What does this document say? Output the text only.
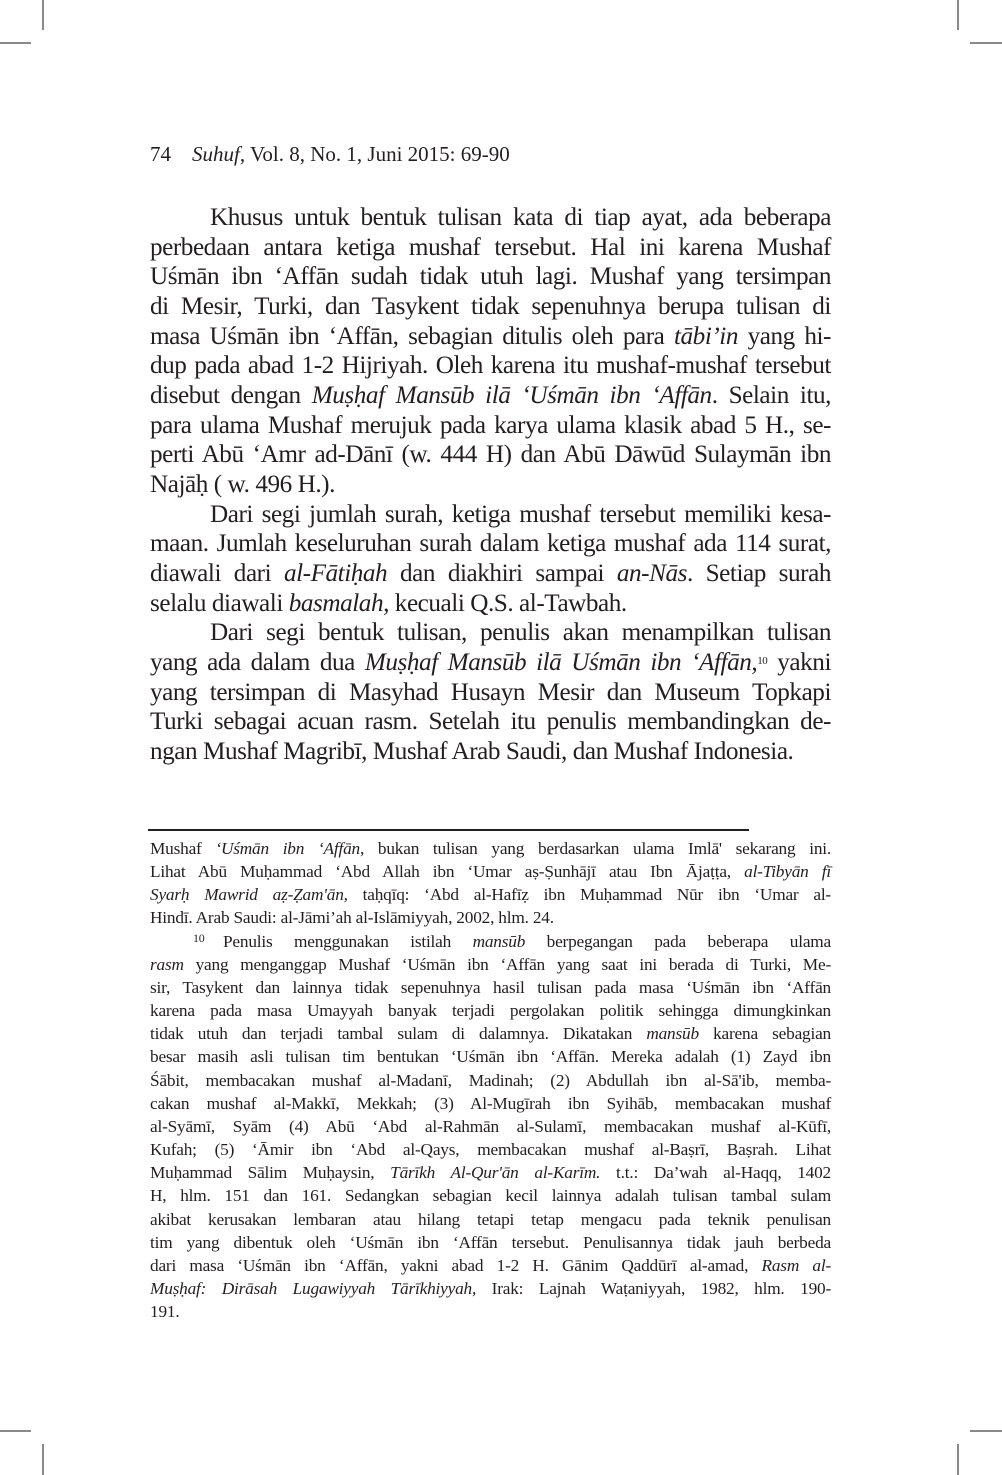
74 Suhuf, Vol. 8, No. 1, Juni 2015: 69-90
Khusus untuk bentuk tulisan kata di tiap ayat, ada beberapa
perbedaan antara ketiga mushaf tersebut. Hal ini karena Mushaf
Uśmān ibn ‘Affān sudah tidak utuh lagi. Mushaf yang tersimpan
di Mesir, Turki, dan Tasykent tidak sepenuhnya berupa tulisan di
masa Uśmān ibn ‘Affān, sebagian ditulis oleh para tābi’in yang hi-
dup pada abad 1-2 Hijriyah. Oleh karena itu mushaf-mushaf tersebut
disebut dengan Muṣḥaf Mansūb ilā ‘Uśmān ibn ‘Affān. Selain itu,
para ulama Mushaf merujuk pada karya ulama klasik abad 5 H., se-
perti Abū ‘Amr ad-Dānī (w. 444 H) dan Abū Dāwūd Sulaymān ibn
Najāḥ ( w. 496 H.).
Dari segi jumlah surah, ketiga mushaf tersebut memiliki kesa-
maan. Jumlah keseluruhan surah dalam ketiga mushaf ada 114 surat,
diawali dari al-Fātiḥah dan diakhiri sampai an-Nās. Setiap surah
selalu diawali basmalah, kecuali Q.S. al-Tawbah.
Dari segi bentuk tulisan, penulis akan menampilkan tulisan
yang ada dalam dua Muṣḥaf Mansūb ilā Uśmān ibn ‘Affān,$^{10}$ yakni
yang tersimpan di Masyhad Husayn Mesir dan Museum Topkapi
Turki sebagai acuan rasm. Setelah itu penulis membandingkan de-
ngan Mushaf Magribī, Mushaf Arab Saudi, dan Mushaf Indonesia.
Mushaf ‘Uśmān ibn ‘Affān, bukan tulisan yang berdasarkan ulama Imlā' sekarang ini.
Lihat Abū Muḥammad ‘Abd Allah ibn ‘Umar aṣ-Ṣunhājī atau Ibn Ājaṭṭa, al-Tibyān fī
Syarḥ Mawrid aẓ-Ẓam'ān, taḥqīq: ‘Abd al-Hafīẓ ibn Muḥammad Nūr ibn ‘Umar al-
Hindī. Arab Saudi: al-Jāmi’ah al-Islāmiyyah, 2002, hlm. 24.
10 Penulis menggunakan istilah mansūb berpegangan pada beberapa ulama
rasm yang menganggap Mushaf ‘Uśmān ibn ‘Affān yang saat ini berada di Turki, Me-
sir, Tasykent dan lainnya tidak sepenuhnya hasil tulisan pada masa ‘Uśmān ibn ‘Affān
karena pada masa Umayyah banyak terjadi pergolakan politik sehingga dimungkinkan
tidak utuh dan terjadi tambal sulam di dalamnya. Dikatakan mansūb karena sebagian
besar masih asli tulisan tim bentukan ‘Uśmān ibn ‘Affān. Mereka adalah (1) Zayd ibn
Śābit, membacakan mushaf al-Madanī, Madinah; (2) Abdullah ibn al-Sā'ib, memba-
cakan mushaf al-Makkī, Mekkah; (3) Al-Mugīrah ibn Syihāb, membacakan mushaf
al-Syāmī, Syām (4) Abū ‘Abd al-Rahmān al-Sulamī, membacakan mushaf al-Kūfī,
Kufah; (5) ‘Āmir ibn ‘Abd al-Qays, membacakan mushaf al-Baṣrī, Baṣrah. Lihat
Muḥammad Sālim Muḥaysin, Tārīkh Al-Qur'ān al-Karīm. t.t.: Da’wah al-Haqq, 1402
H, hlm. 151 dan 161. Sedangkan sebagian kecil lainnya adalah tulisan tambal sulam
akibat kerusakan lembaran atau hilang tetapi tetap mengacu pada teknik penulisan
tim yang dibentuk oleh ‘Uśmān ibn ‘Affān tersebut. Penulisannya tidak jauh berbeda
dari masa ‘Uśmān ibn ‘Affān, yakni abad 1-2 H. Gānim Qaddūrī al-amad, Rasm al-
Muṣḥaf: Dirāsah Lugawiyyah Tārīkhiyyah, Irak: Lajnah Waṭaniyyah, 1982, hlm. 190-
191.
